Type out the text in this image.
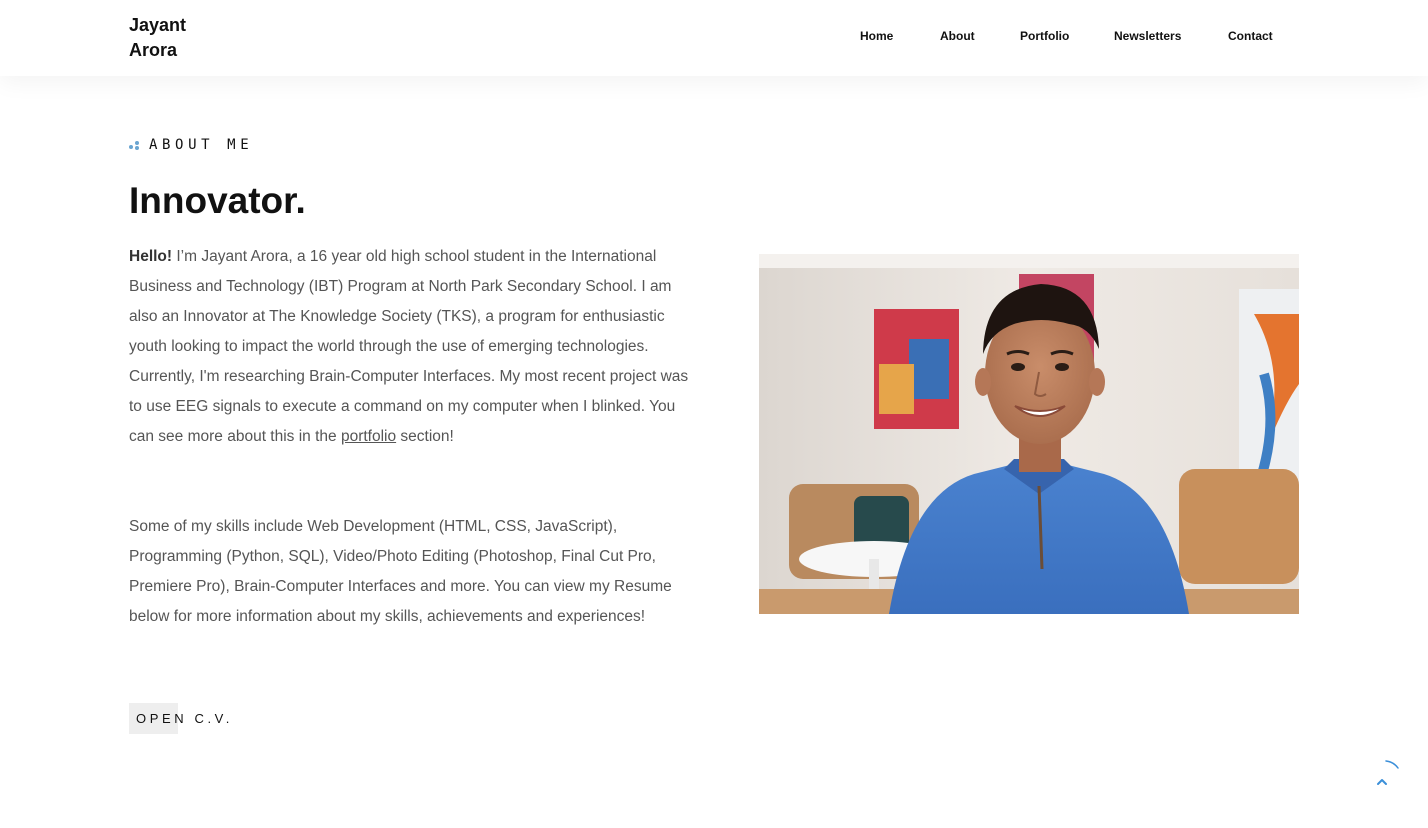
Jayant
Arora
Home	About	Portfolio	Newsletters	Contact
ABOUT ME
Innovator.

Hello! I’m Jayant Arora, a 16 year old high school student in the International Business and Technology (IBT) Program at North Park Secondary School. I am also an Innovator at The Knowledge Society (TKS), a program for enthusiastic youth looking to impact the world through the use of emerging technologies. Currently, I'm researching Brain-Computer Interfaces. My most recent project was to use EEG signals to execute a command on my computer when I blinked. You can see more about this in the portfolio section!

Some of my skills include Web Development (HTML, CSS, JavaScript), Programming (Python, SQL), Video/Photo Editing (Photoshop, Final Cut Pro, Premiere Pro), Brain-Computer Interfaces and more. You can view my Resume below for more information about my skills, achievements and experiences!

OPEN C.V.
